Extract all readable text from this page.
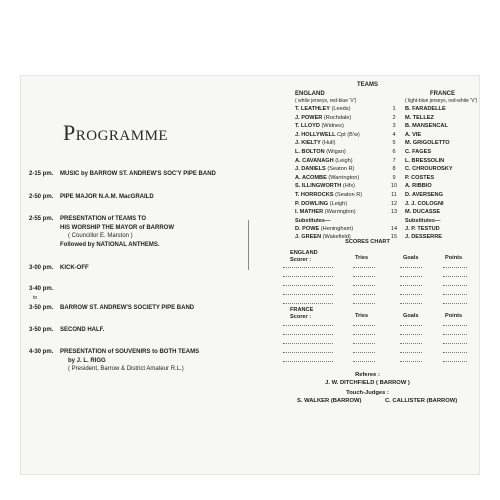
Programme
2-15 pm.	MUSIC by BARROW ST. ANDREW'S SOC'Y PIPE BAND
2-50 pm.	PIPE MAJOR N.A.M. MacGRAILD
2-55 pm.	PRESENTATION of TEAMS TO
HIS WORSHIP THE MAYOR of BARROW
( Councillor E. Marston )
Followed by NATIONAL ANTHEMS.
3-00 pm.	KICK-OFF
3-40 pm.
to
3-50 pm.	BARROW ST. ANDREW'S SOCIETY PIPE BAND
3-50 pm.	SECOND HALF.
4-30 pm.	PRESENTATION of SOUVENIRS to BOTH TEAMS
by J. L. RIGG
( President, Barrow & District Amateur R.L.)
TEAMS
ENGLAND
( white jerseys, red-blue 'V')
FRANCE
( light-blue jerseys, red-white 'V')
T. LEATHLEY (Leeds)	1	B. FARADELLE
J. POWER (Rochdale)	2	M. TELLEZ
T. LLOYD (Widnes)	3	B. MANSENCAL
J. HOLLYWELL Cpt (B'w)	4	A. VIE
J. KIELTY (Hull)	5	M. GRIGOLETTO
L. BOLTON (Wigan)	6	C. FAGES
A. CAVANAGH (Leigh)	7	L. BRESSOLIN
J. DANIELS (Seaton R)	8	C. CHROUROSKY
A. ACOMBE (Warrington)	9	P. COSTES
S. ILLINGWORTH (Hfx)	10	A. RIBBIO
T. HORROCKS (Seaton R)	11	D. AVERSENG
P. DOWLING (Leigh)	12	J. J. COLOGNI
I. MATHER (Warrington)	13	M. DUCASSE
Substitutes—	Substitutes—
D. POWE (Heningham)	14	J. P. TESTUD
J. GREEN (Wakefield)	15	J. DESSERRE
SCORES CHART
ENGLAND
Scorer :	Tries	Goals	Points
FRANCE
Scorer :	Tries	Goals	Points
Referee :
J. W. DITCHFIELD ( BARROW )
Touch-Judges :
S. WALKER (BARROW)	C. CALLISTER (BARROW)
